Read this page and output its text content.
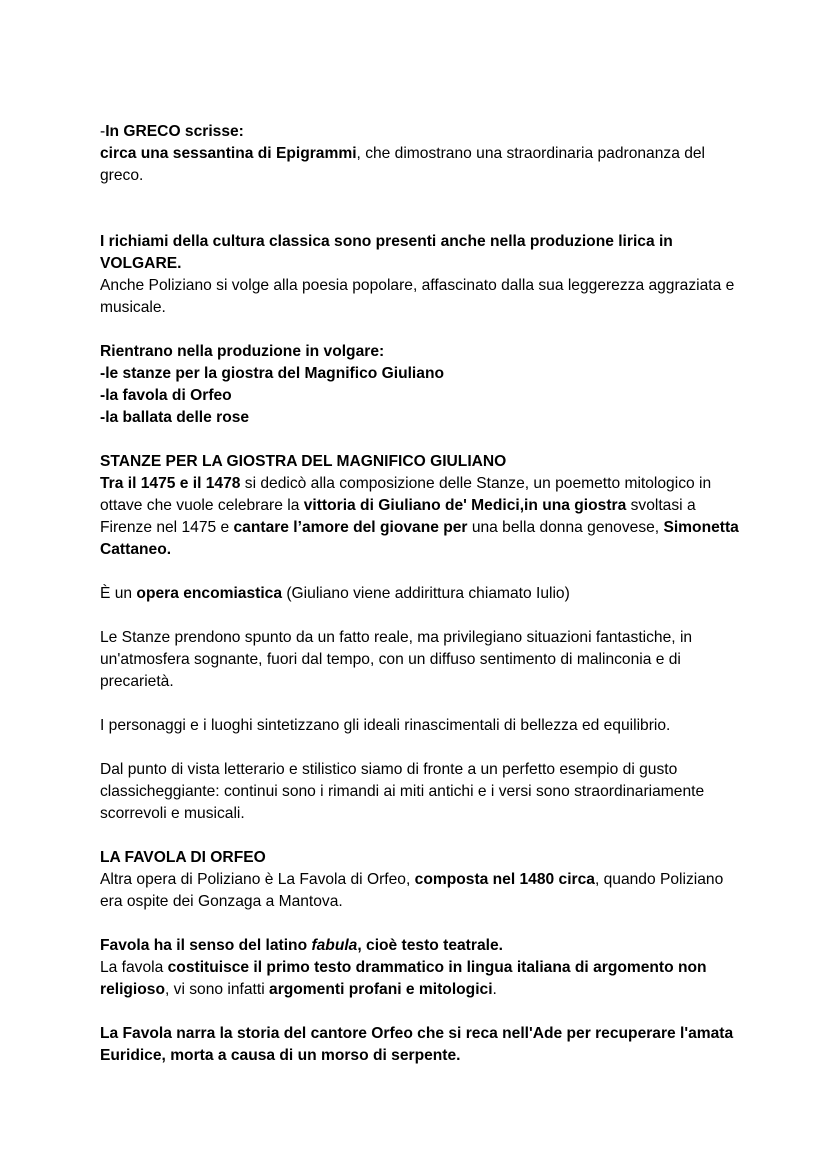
-In GRECO scrisse:

circa una sessantina di Epigrammi, che dimostrano una straordinaria padronanza del greco.

I richiami della cultura classica sono presenti anche nella produzione lirica in VOLGARE.

Anche Poliziano si volge alla poesia popolare, affascinato dalla sua leggerezza aggraziata e musicale.

Rientrano nella produzione in volgare:

-le stanze per la giostra del Magnifico Giuliano

-la favola di Orfeo

-la ballata delle rose

STANZE PER LA GIOSTRA DEL MAGNIFICO GIULIANO

Tra il 1475 e il 1478 si dedicò alla composizione delle Stanze, un poemetto mitologico in ottave che vuole celebrare la vittoria di Giuliano de' Medici,in una giostra svoltasi a Firenze nel 1475 e cantare l’amore del giovane per una bella donna genovese, Simonetta Cattaneo.

È un opera encomiastica (Giuliano viene addirittura chiamato Iulio)

Le Stanze prendono spunto da un fatto reale, ma privilegiano situazioni fantastiche, in un'atmosfera sognante, fuori dal tempo, con un diffuso sentimento di malinconia e di precarietà.

I personaggi e i luoghi sintetizzano gli ideali rinascimentali di bellezza ed equilibrio.

Dal punto di vista letterario e stilistico siamo di fronte a un perfetto esempio di gusto classicheggiante: continui sono i rimandi ai miti antichi e i versi sono straordinariamente scorrevoli e musicali.

LA FAVOLA DI ORFEO

Altra opera di Poliziano è La Favola di Orfeo, composta nel 1480 circa, quando Poliziano era ospite dei Gonzaga a Mantova.

Favola ha il senso del latino fabula, cioè testo teatrale.

La favola costituisce il primo testo drammatico in lingua italiana di argomento non religioso, vi sono infatti argomenti profani e mitologici.

La Favola narra la storia del cantore Orfeo che si reca nell'Ade per recuperare l'amata Euridice, morta a causa di un morso di serpente.
